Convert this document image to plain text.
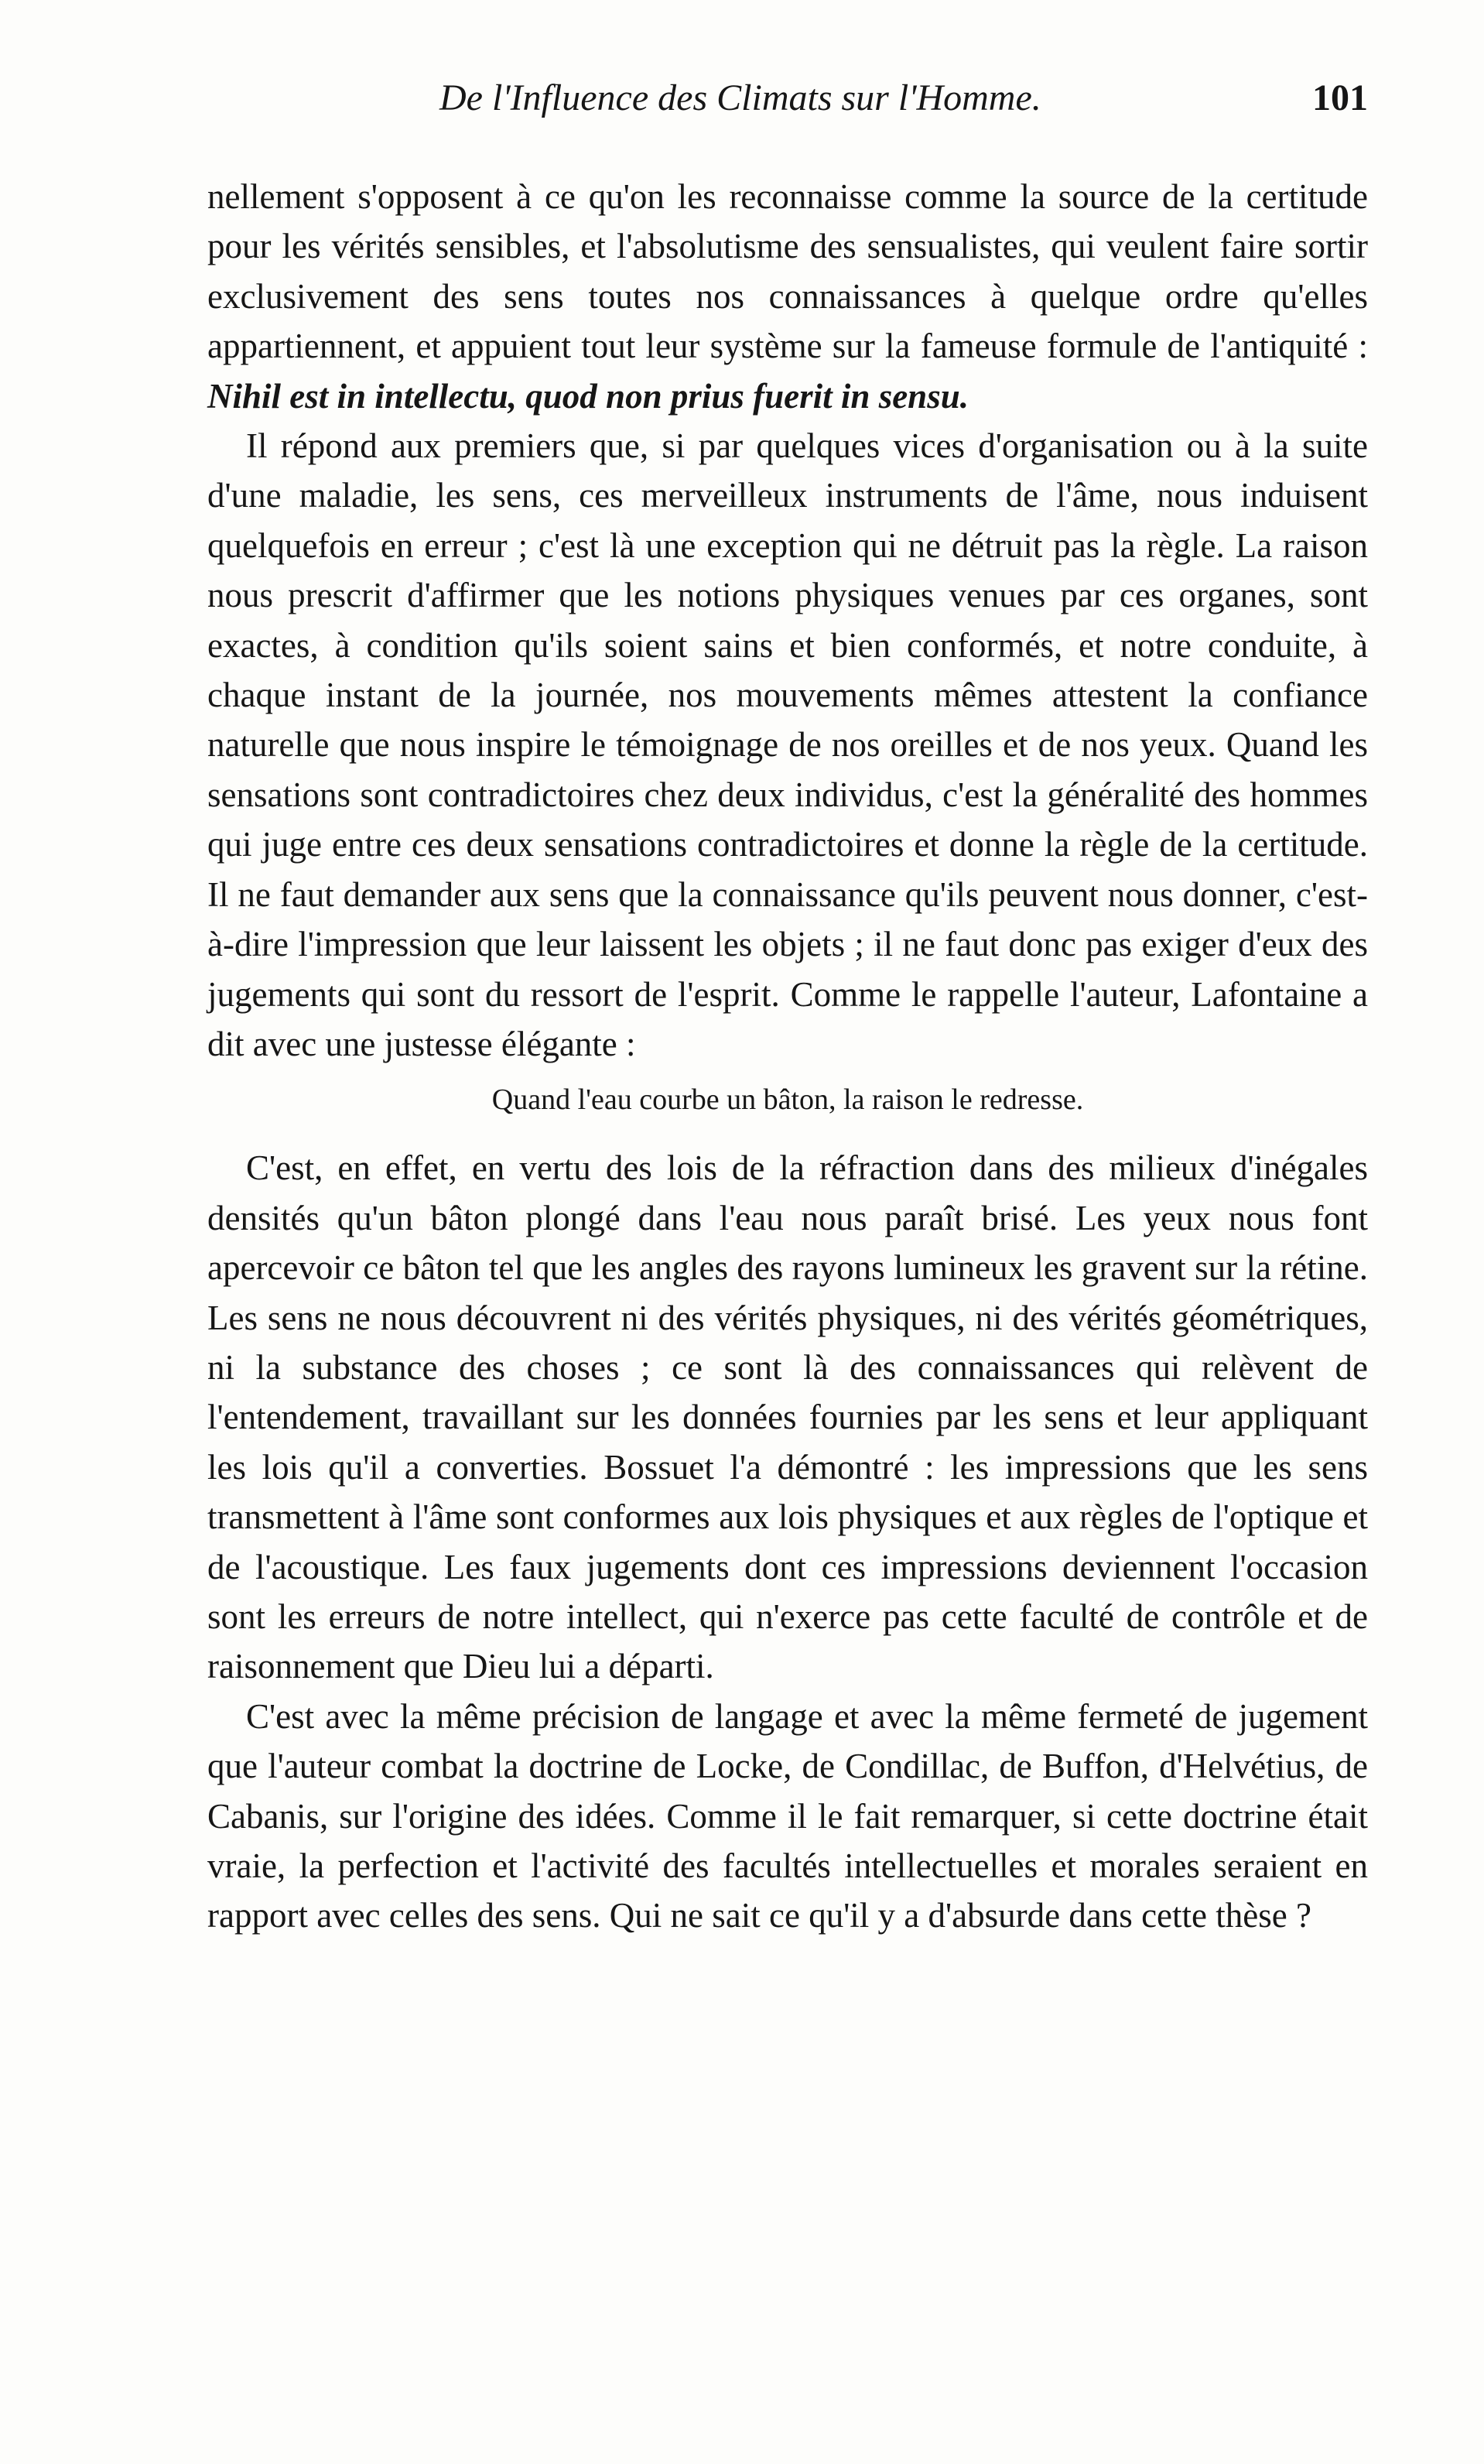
De l'Influence des Climats sur l'Homme.	101

nellement s'opposent à ce qu'on les reconnaisse comme la source de la certitude pour les vérités sensibles, et l'absolutisme des sensualistes, qui veulent faire sortir exclusivement des sens toutes nos connaissances à quelque ordre qu'elles appartiennent, et appuient tout leur système sur la fameuse formule de l'antiquité : Nihil est in intellectu, quod non prius fuerit in sensu.

Il répond aux premiers que, si par quelques vices d'organisation ou à la suite d'une maladie, les sens, ces merveilleux instruments de l'âme, nous induisent quelquefois en erreur ; c'est là une exception qui ne détruit pas la règle. La raison nous prescrit d'affirmer que les notions physiques venues par ces organes, sont exactes, à condition qu'ils soient sains et bien conformés, et notre conduite, à chaque instant de la journée, nos mouvements mêmes attestent la confiance naturelle que nous inspire le témoignage de nos oreilles et de nos yeux. Quand les sensations sont contradictoires chez deux individus, c'est la généralité des hommes qui juge entre ces deux sensations contradictoires et donne la règle de la certitude. Il ne faut demander aux sens que la connaissance qu'ils peuvent nous donner, c'est-à-dire l'impression que leur laissent les objets ; il ne faut donc pas exiger d'eux des jugements qui sont du ressort de l'esprit. Comme le rappelle l'auteur, Lafontaine a dit avec une justesse élégante :

Quand l'eau courbe un bâton, la raison le redresse.

C'est, en effet, en vertu des lois de la réfraction dans des milieux d'inégales densités qu'un bâton plongé dans l'eau nous paraît brisé. Les yeux nous font apercevoir ce bâton tel que les angles des rayons lumineux les gravent sur la rétine. Les sens ne nous découvrent ni des vérités physiques, ni des vérités géométriques, ni la substance des choses ; ce sont là des connaissances qui relèvent de l'entendement, travaillant sur les données fournies par les sens et leur appliquant les lois qu'il a converties. Bossuet l'a démontré : les impressions que les sens transmettent à l'âme sont conformes aux lois physiques et aux règles de l'optique et de l'acoustique. Les faux jugements dont ces impressions deviennent l'occasion sont les erreurs de notre intellect, qui n'exerce pas cette faculté de contrôle et de raisonnement que Dieu lui a départi.

C'est avec la même précision de langage et avec la même fermeté de jugement que l'auteur combat la doctrine de Locke, de Condillac, de Buffon, d'Helvétius, de Cabanis, sur l'origine des idées. Comme il le fait remarquer, si cette doctrine était vraie, la perfection et l'activité des facultés intellectuelles et morales seraient en rapport avec celles des sens. Qui ne sait ce qu'il y a d'absurde dans cette thèse ?
